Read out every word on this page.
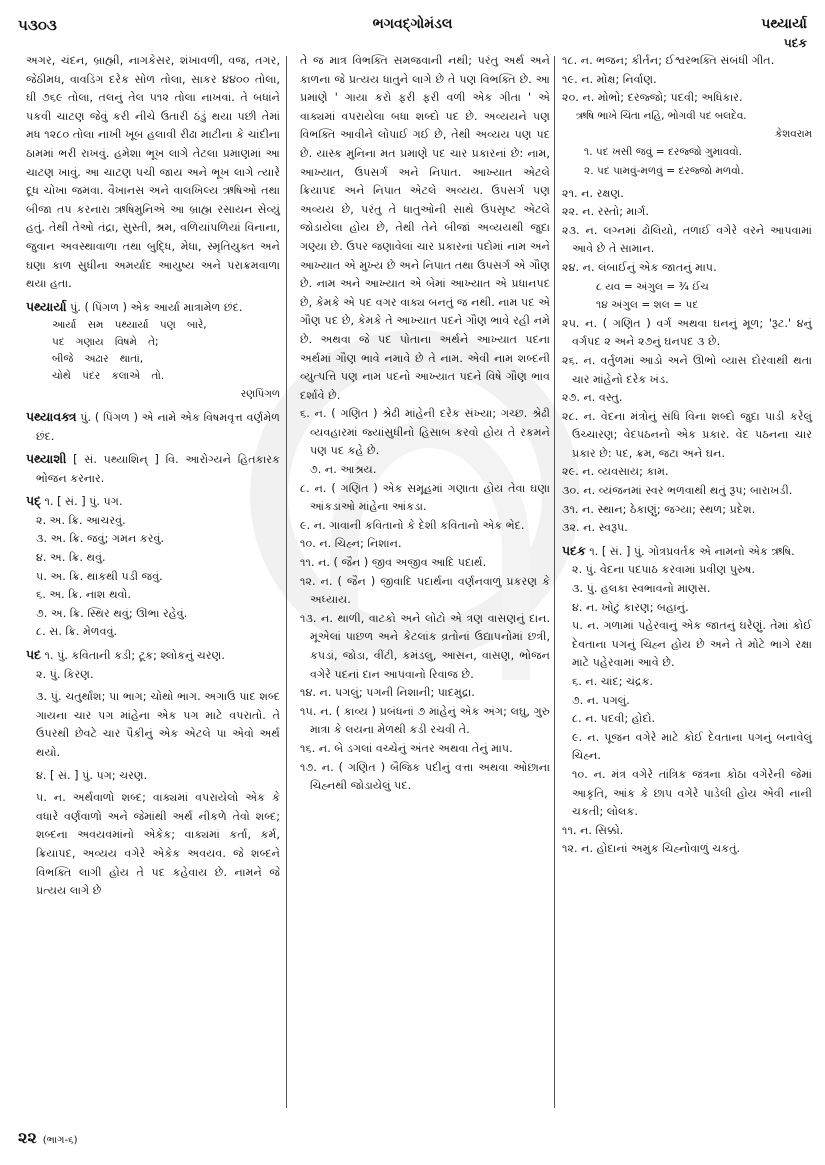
૫૩૦૩	ભગવદ્ગોમંડલ	પથ્યાર્યા
૫દક

અગર, ચંદન, બ્રાહ્મી, નાગકેસર, શંખાવળી, વજ, તગર, જેઠીમધ, વાવડિંગ દરેક સોળ તોલા, સાકર ૪૪૦૦ તોલા, ઘી ૭૬૯ તોલા, તલનું તેલ ૫૧૨ તોલા નાખવાં. તે બધાંને પકવી ચાટણ જેવું કરી નીચે ઉતારી ઠંડું થયા પછી તેમાં મધ ૧૨૮૦ તોલા નાખી ખૂબ હલાવી રીઢા માટીના કે ચાંદીના ઠામમાં ભરી રાખવું. હમેશા ભૂખ લાગે તેટલા પ્રમાણમાં આ ચાટણ ખાવું. આ ચાટણ પચી જાય અને ભૂખ લાગે ત્યારે દૂધ ચોખા જમવા. વૈખાનસ અને વાલખિલ્ય ઋષિઓ તથા બીજા તપ કરનારા ઋષિમુનિએ આ બ્રાહ્મ રસાયન સેવ્યું હતું. તેથી તેઓ તંદ્રા, સુસ્તી, શ્રમ, વળિયાંપળિયાં વિનાના, જુવાન અવસ્થાવાળા તથા બુદ્ધિ, મેધા, સ્મૃતિયુક્ત અને ઘણા કાળ સુધીના અમર્યાદ આયુષ્ય અને પરાક્રમવાળા થયા હતા.

પથ્યાર્યા પું. ( પિંગળ ) એક આર્યા માત્રામેળ છંદ.
આર્યા સમ પથ્યાર્યા પણ બારે,
પદ ગણાય વિષમે તે;
બીજે અઢાર થાતાં,
ચોથે પંદર કલાએ તો.
રણપિંગળ
પથ્યાવક્ત્ર પું. ( પિંગળ ) એ નામે એક વિષમવૃત્ત વર્ણમેળ છંદ.
પથ્યાશી [ સં. પથ્યાશિન્ ] વિ. આરોગ્યને હિતકારક ભોજન કરનાર.
પદ્ ૧. [ સં. ] પું. પગ.
૨. અ. ક્રિ. આચરવું.
૩. અ. ક્રિ. જવું; ગમન કરવું.
૪. અ. ક્રિ. થવું.
૫. અ. ક્રિ. થાકથી પડી જવું.
૬. અ. ક્રિ. નાશ થવો.
૭. અ. ક્રિ. સ્થિર થવું; ઊભા રહેવું.
૮. સ. ક્રિ. મેળવવું.
પદ ૧. પું. કવિતાની કડી; ટૂક; શ્લોકનું ચરણ.
૨. પું. કિરણ.
૩. પું. ચતુર્થાંશ; પા ભાગ; ચોથો ભાગ. અગાઉ પાદ શબ્દ ગાયના ચાર પગ માંહેના એક પગ માટે વપરાતો. તે ઉપરથી છેવટે ચાર પૈકીનું એક એટલે પા એવો અર્થ થયો.
૪. [ સં. ] પું. પગ; ચરણ.
૫. ન. અર્થવાળો શબ્દ; વાક્યમાં વપરાયેલો એક કે વધારે વર્ણવાળો અને જેમાંથી અર્થ નીકળે તેવો શબ્દ; શબ્દના અવયવમાંનો એકેક; વાક્યમાં કર્તા, કર્મ, ક્રિયાપદ, અવ્યય વગેરે એકેક અવયવ. જે શબ્દને વિભક્તિ લાગી હોય તે પદ કહેવાય છે. નામને જે પ્રત્યય લાગે છે

તે જ માત્ર વિભક્તિ સમજવાની નથી; પરંતુ અર્થ અને કાળના જે પ્રત્યય ધાતુને લાગે છે તે પણ વિભક્તિ છે. આ પ્રમાણે ' ગાયા કરો ફરી ફરી વળી એક ગીતા ' એ વાક્યમાં વપરાયેલા બધા શબ્દો પદ છે. અવ્યયને પણ વિભક્તિ આવીને લોપાઈ ગઈ છે, તેથી અવ્યય પણ પદ છે. યાસ્ક મુનિના મત પ્રમાણે પદ ચાર પ્રકારનાં છે: નામ, આખ્યાત, ઉપસર્ગ અને નિપાત. આખ્યાત એટલે ક્રિયાપદ અને નિપાત એટલે અવ્યય. ઉપસર્ગ પણ અવ્યય છે, પરંતુ તે ધાતુઓની સાથે ઉપસૃષ્ટ એટલે જોડાયેલા હોય છે, તેથી તેને બીજાં અવ્યયથી જુદા ગણ્યા છે. ઉપર જણાવેલાં ચાર પ્રકારનાં પદોમાં નામ અને આખ્યાત એ મુખ્ય છે અને નિપાત તથા ઉપસર્ગ એ ગૌણ છે. નામ અને આખ્યાત એ બેમાં આખ્યાત એ પ્રધાનપદ છે, કેમકે એ પદ વગર વાક્ય બનતું જ નથી. નામ પદ એ ગૌણ પદ છે, કેમકે તે આખ્યાત પદને ગૌણ ભાવે રહી નમે છે. અથવા જે પદ પોતાના અર્થને આખ્યાત પદના અર્થમાં ગૌણ ભાવે નમાવે છે તે નામ. એવી નામ શબ્દની વ્યુત્પત્તિ પણ નામ પદનો આખ્યાત પદને વિષે ગૌણ ભાવ દર્શાવે છે.

૬. ન. ( ગણિત ) શ્રેઢી માંહેની દરેક સંખ્યા; ગચ્છ. શ્રેઢી વ્યવહારમાં જ્યાંસુધીનો હિસાબ કરવો હોય તે રકમને પણ પદ કહે છે.
૭. ન. આશ્રય.
૮. ન. ( ગણિત ) એક સમૂહમાં ગણાતા હોય તેવા ઘણા આંકડાઓ માંહેના આંકડા.
૯. ન. ગાવાની કવિતાનો કે દેશી કવિતાનો એક ભેદ.
૧૦. ન. ચિહ્ન; નિશાન.
૧૧. ન. ( જૈન ) જીવ અજીવ આદિ પદાર્થ.
૧૨. ન. ( જૈન ) જીવાદિ પદાર્થના વર્ણનવાળું પ્રકરણ કે અધ્યાય.
૧૩. ન. થાળી, વાટકો અને લોટો એ ત્રણ વાસણનું દાન. મૂએલાં પાછળ અને કેટલાંક વ્રતોનાં ઉદ્યાપનોમાં છત્રી, કપડાં, જોડા, વીંટી, કમંડલુ, આસન, વાસણ, ભોજન વગેરે પદનાં દાન આપવાનો રિવાજ છે.
૧૪. ન. પગલું; પગની નિશાની; પાદમુદ્રા.
૧૫. ન. ( કાવ્ય ) પ્રબંધનાં ૭ માંહેનું એક અંગ; લઘુ, ગુરુ માત્રા કે લયના મેળથી કડી રચવી તે.
૧૬. ન. બે ડગલાં વચ્ચેનું અંતર અથવા તેનું માપ.
૧૭. ન. ( ગણિત ) બૈજિક પદીનું વત્તા અથવા ઓછાના ચિહ્નથી જોડાયેલું પદ.
૧૮. ન. ભજન; કીર્તન; ઈશ્વરભક્તિ સંબંધી ગીત.
૧૯. ન. મોક્ષ; નિર્વાણ.
૨૦. ન. મોભો; દરજ્જો; પદવી; અધિકાર.
ઋષિ ભાખે ચિંતા નહિ, ભોગવી પદ બલદેવ.
કેશવરામ
૧. પદ ખસી જવું = દરજ્જો ગુમાવવો.
૨. પદ પામવું-મળવું = દરજ્જો મળવો.
૨૧. ન. રક્ષણ.
૨૨. ન. રસ્તો; માર્ગ.
૨૩. ન. લગ્નમાં ઢોલિયો, તળાઈ વગેરે વરને આપવામાં આવે છે તે સામાન.
૨૪. ન. લંબાઈનું એક જાતનું માપ.
૮ યવ = અંગુલ = ¾ ઈંચ
૧૪ અંગુલ = શલ = પદ
૨૫. ન. ( ગણિત ) વર્ગ અથવા ઘનનું મૂળ; 'રૂટ.' ૪નું વર્ગપદ ૨ અને ૨૭નું ઘનપદ ૩ છે.
૨૬. ન. વર્તુળમાં આડો અને ઊભો વ્યાસ દોરવાથી થતા ચાર માંહેનો દરેક ખંડ.
૨૭. ન. વસ્તુ.
૨૮. ન. વેદના મંત્રોનું સંધિ વિના શબ્દો જુદા પાડી કરેલું ઉચ્ચારણ; વેદપઠનનો એક પ્રકાર. વેદ પઠનના ચાર પ્રકાર છે: પદ, ક્રમ, જટા અને ઘન.
૨૯. ન. વ્યવસાય; કામ.
૩૦. ન. વ્યંજનમાં સ્વર ભળવાથી થતું રૂપ; બારાખડી.
૩૧. ન. સ્થાન; ઠેકાણું; જગ્યા; સ્થળ; પ્રદેશ.
૩૨. ન. સ્વરૂપ.
પદક ૧. [ સં. ] પું. ગોત્રપ્રવર્તક એ નામનો એક ઋષિ.
૨. પું. વેદના પદપાઠ કરવામાં પ્રવીણ પુરુષ.
૩. પું. હલકા સ્વભાવનો માણસ.
૪. ન. ખોટું કારણ; બહાનું.
૫. ન. ગળામાં પહેરવાનું એક જાતનું ઘરેણું. તેમાં કોઈ દેવતાના પગનું ચિહ્ન હોય છે અને તે મોટે ભાગે રક્ષા માટે પહેરવામાં આવે છે.
૬. ન. ચાંદ; ચંદ્રક.
૭. ન. પગલું.
૮. ન. પદવી; હોદો.
૯. ન. પૂજન વગેરે માટે કોઈ દેવતાના પગનું બનાવેલું ચિહ્ન.
૧૦. ન. મંત્ર વગેરે તાંત્રિક જંત્રના કોઠા વગેરેની જેમાં આકૃતિ, આંક કે છાપ વગેરે પાડેલી હોય એવી નાની ચકતી; લોલક.
૧૧. ન. સિક્કો.
૧૨. ન. હોદાનાં અમુક ચિહ્નોવાળું ચકતું.
૨૨ (ભાગ-૬)
